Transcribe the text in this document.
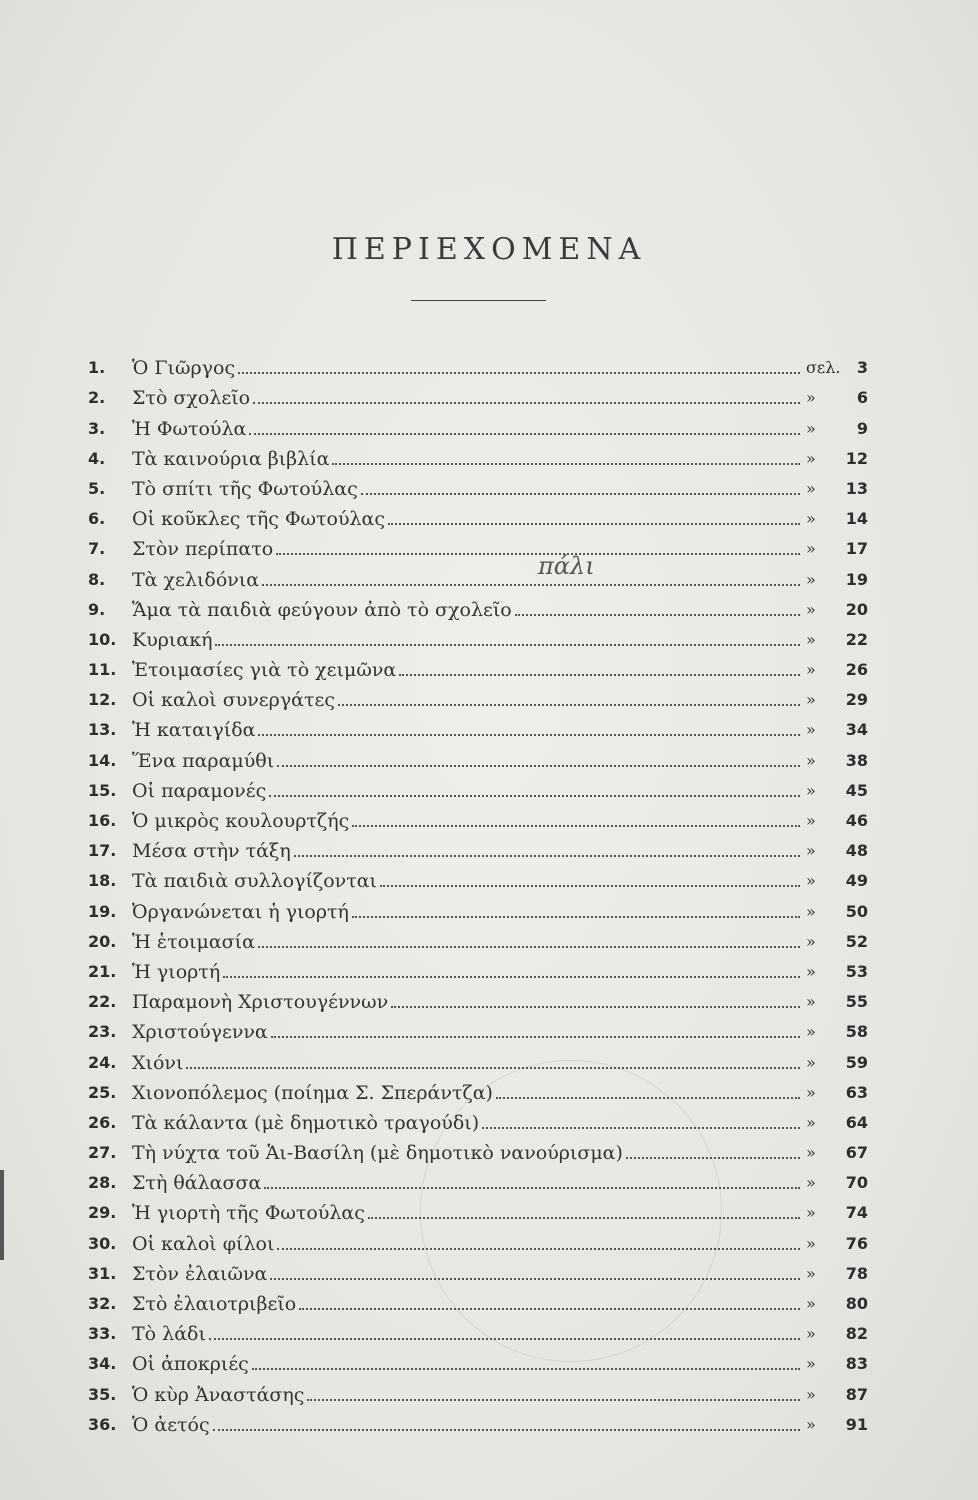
ΠΕΡΙΕΧΟΜΕΝΑ
πάλι
1.	Ὁ Γιῶργος	σελ. 3
2.	Στὸ σχολεῖο	»	6
3.	Ἡ Φωτούλα	»	9
4.	Τὰ καινούρια βιβλία	» 12
5.	Τὸ σπίτι τῆς Φωτούλας	» 13
6.	Οἱ κοῦκλες τῆς Φωτούλας	» 14
7.	Στὸν περίπατο	» 17
8.	Τὰ χελιδόνια	» 19
9.	Ἅμα τὰ παιδιὰ φεύγουν ἀπὸ τὸ σχολεῖο	» 20
10. Κυριακή	» 22
11. Ἑτοιμασίες γιὰ τὸ χειμῶνα	» 26
12. Οἱ καλοὶ συνεργάτες	» 29
13. Ἡ καταιγίδα	» 34
14. Ἕνα παραμύθι	» 38
15. Οἱ παραμονές	» 45
16. Ὁ μικρὸς κουλουρτζής	» 46
17. Μέσα στὴν τάξη	» 48
18. Τὰ παιδιὰ συλλογίζονται	» 49
19. Ὀργανώνεται ἡ γιορτή	» 50
20. Ἡ ἑτοιμασία	» 52
21. Ἡ γιορτή	» 53
22. Παραμονὴ Χριστουγέννων	» 55
23. Χριστούγεννα	» 58
24. Χιόνι	» 59
25. Χιονοπόλεμος (ποίημα Σ. Σπεράντζα)	» 63
26. Τὰ κάλαντα (μὲ δημοτικὸ τραγούδι)	» 64
27. Τὴ νύχτα τοῦ Ἁι-Βασίλη (μὲ δημοτικὸ νανούρισμα)	» 67
28. Στὴ θάλασσα	» 70
29. Ἡ γιορτὴ τῆς Φωτούλας	» 74
30. Οἱ καλοὶ φίλοι	» 76
31. Στὸν ἐλαιῶνα	» 78
32. Στὸ ἐλαιοτριβεῖο	» 80
33. Τὸ λάδι	» 82
34. Οἱ ἀποκριές	» 83
35. Ὁ κὺρ Ἀναστάσης	» 87
36. Ὁ ἀετός	» 91
